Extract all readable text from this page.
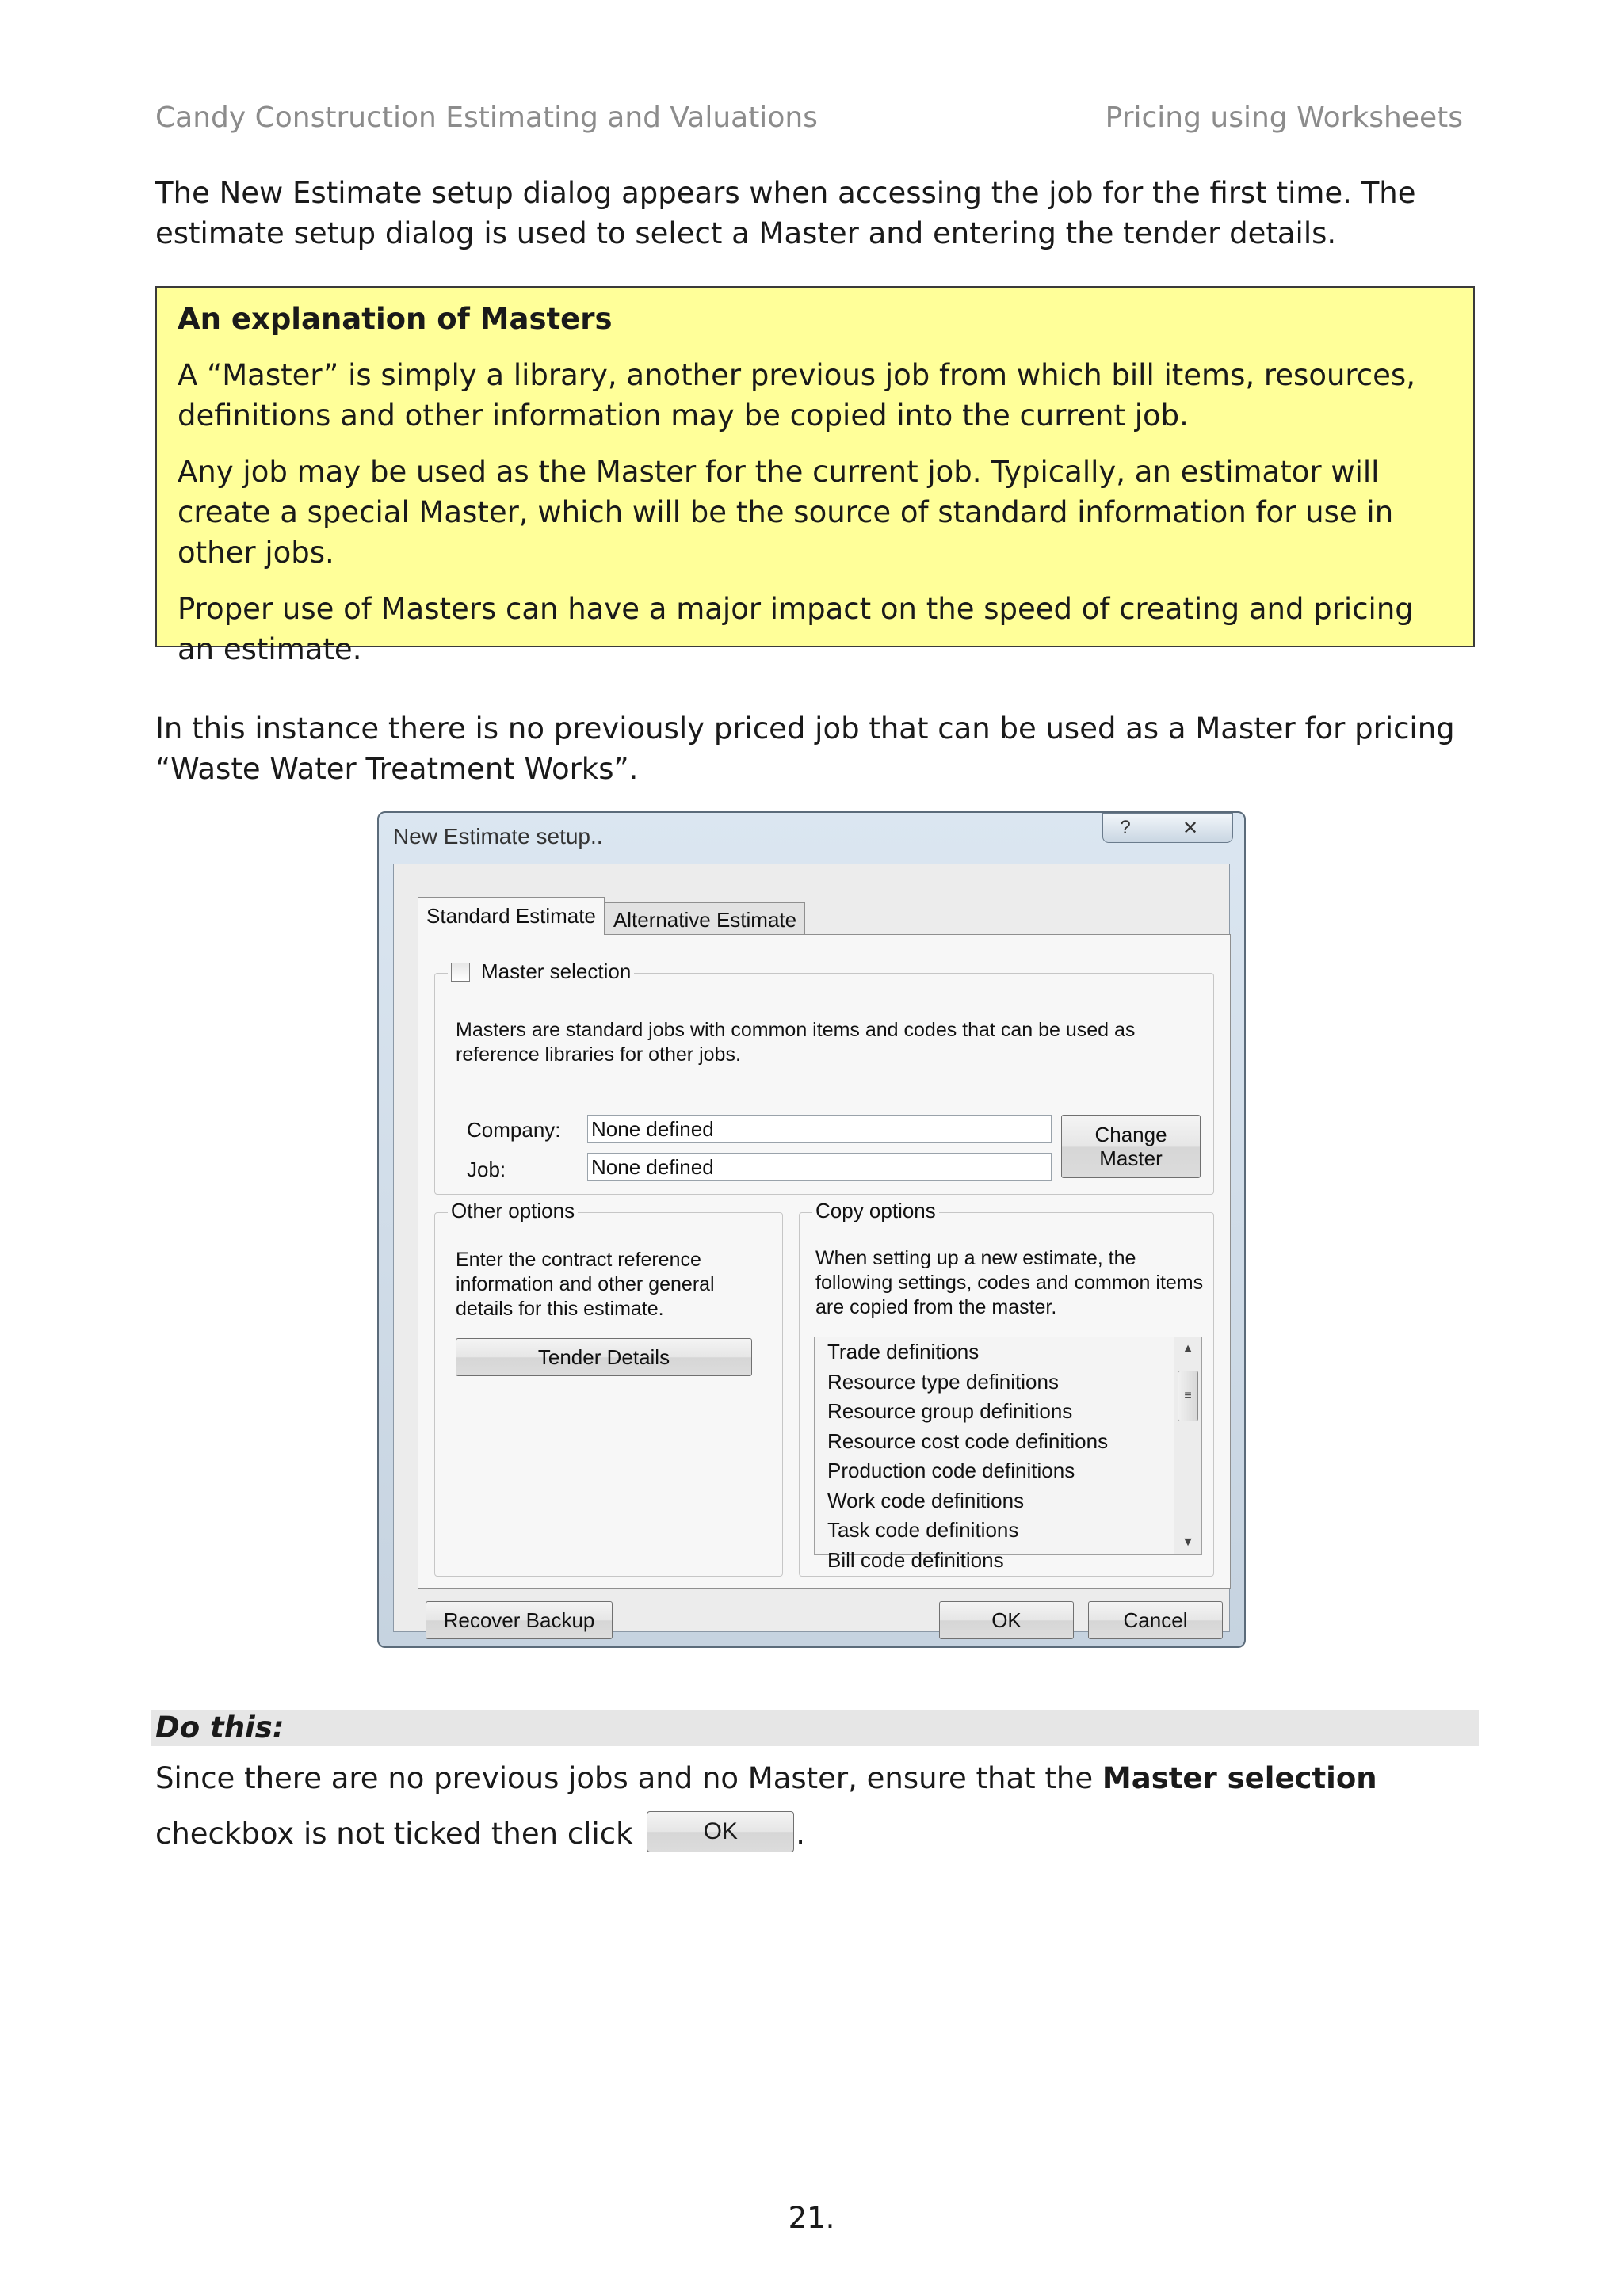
Candy Construction Estimating and Valuations	Pricing using Worksheets

The New Estimate setup dialog appears when accessing the job for the first time. The estimate setup dialog is used to select a Master and entering the tender details.

An explanation of Masters

A “Master” is simply a library, another previous job from which bill items, resources, definitions and other information may be copied into the current job.

Any job may be used as the Master for the current job. Typically, an estimator will create a special Master, which will be the source of standard information for use in other jobs.

Proper use of Masters can have a major impact on the speed of creating and pricing an estimate.

In this instance there is no previously priced job that can be used as a Master for pricing “Waste Water Treatment Works”.

New Estimate setup..	?	✕
Standard Estimate Alternative Estimate
Master selection
Masters are standard jobs with common items and codes that can be used as reference libraries for other jobs.
Company: None defined
Job:	None defined
Change Master
Other options
Enter the contract reference information and other general details for this estimate.
Tender Details
Copy options
When setting up a new estimate, the following settings, codes and common items are copied from the master.
Trade definitions
Resource type definitions
Resource group definitions
Resource cost code definitions
Production code definitions
Work code definitions
Task code definitions
Bill code definitions
▲
≡
▼
Recover Backup	OK	Cancel
Do this:

Since there are no previous jobs and no Master, ensure that the Master selection checkbox is not ticked then click	OK .

21.
